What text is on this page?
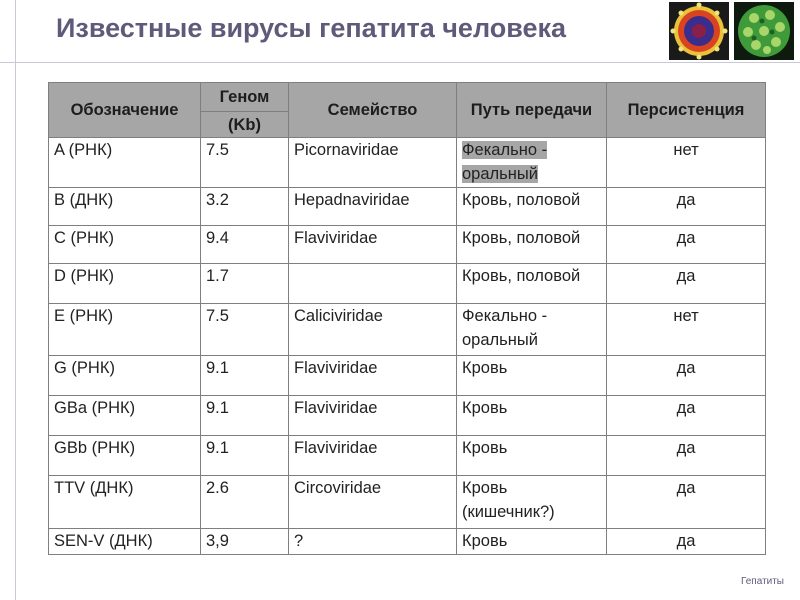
Известные вирусы гепатита человека
Обозначение	Геном	Семейство	Путь передачи	Персистенция
	(Kb)			
A (РНК)	7.5	Picornaviridae	Фекально - оральный	нет
B (ДНК)	3.2	Hepadnaviridae	Кровь, половой	да
C (РНК)	9.4	Flaviviridae	Кровь, половой	да
D (РНК)	1.7		Кровь, половой	да
E (РНК)	7.5	Caliciviridae	Фекально - оральный	нет
G (РНК)	9.1	Flaviviridae	Кровь	да
GBa (РНК)	9.1	Flaviviridae	Кровь	да
GBb (РНК)	9.1	Flaviviridae	Кровь	да
TTV (ДНК)	2.6	Circoviridae	Кровь (кишечник?)	да
SEN-V (ДНК)	3,9	?	Кровь	да
Гепатиты
